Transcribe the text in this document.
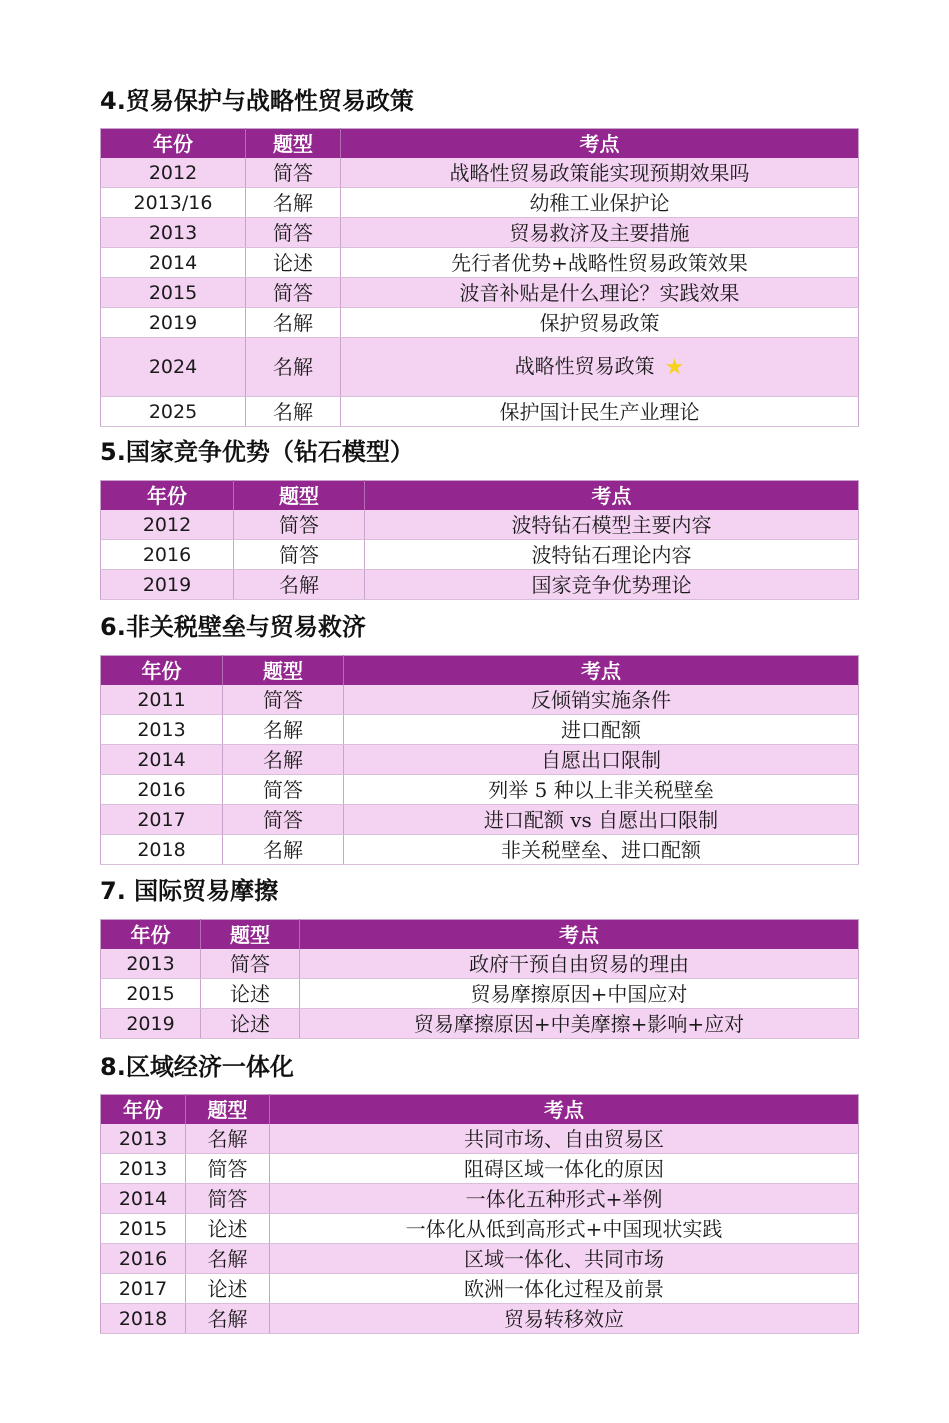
4.贸易保护与战略性贸易政策
年份	题型	考点
2012	简答	战略性贸易政策能实现预期效果吗
2013/16	名解	幼稚工业保护论
2013	简答	贸易救济及主要措施
2014	论述	先行者优势+战略性贸易政策效果
2015	简答	波音补贴是什么理论？实践效果
2019	名解	保护贸易政策
2024	名解	战略性贸易政策 ★
2025	名解	保护国计民生产业理论
5.国家竞争优势（钻石模型）
年份	题型	考点
2012	简答	波特钻石模型主要内容
2016	简答	波特钻石理论内容
2019	名解	国家竞争优势理论
6.非关税壁垒与贸易救济
年份	题型	考点
2011	简答	反倾销实施条件
2013	名解	进口配额
2014	名解	自愿出口限制
2016	简答	列举 5 种以上非关税壁垒
2017	简答	进口配额 vs 自愿出口限制
2018	名解	非关税壁垒、进口配额
7. 国际贸易摩擦
年份	题型	考点
2013	简答	政府干预自由贸易的理由
2015	论述	贸易摩擦原因+中国应对
2019	论述	贸易摩擦原因+中美摩擦+影响+应对
8.区域经济一体化
年份	题型	考点
2013	名解	共同市场、自由贸易区
2013	简答	阻碍区域一体化的原因
2014	简答	一体化五种形式+举例
2015	论述	一体化从低到高形式+中国现状实践
2016	名解	区域一体化、共同市场
2017	论述	欧洲一体化过程及前景
2018	名解	贸易转移效应
